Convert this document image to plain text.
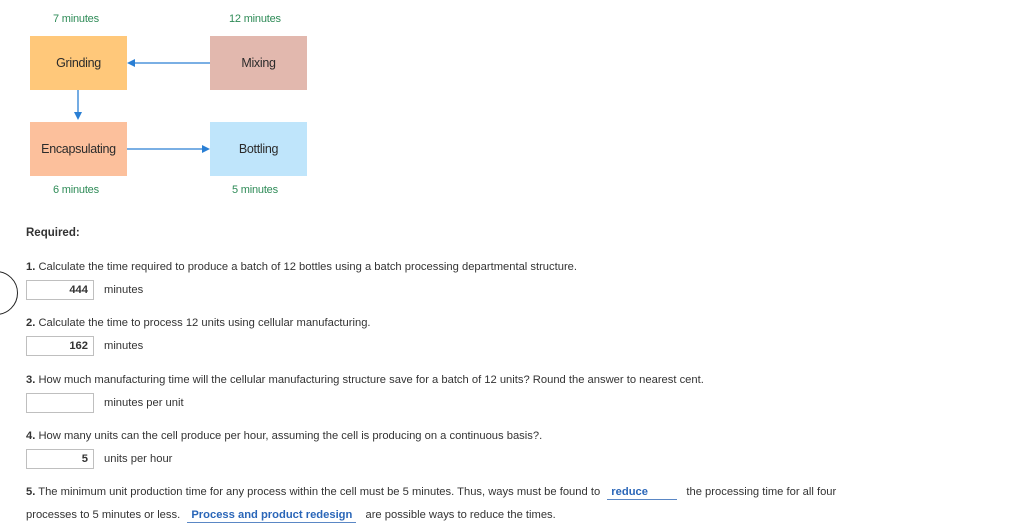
7 minutes	12 minutes
Grinding	Mixing
Encapsulating	Bottling
6 minutes	5 minutes
Required:
1. Calculate the time required to produce a batch of 12 bottles using a batch processing departmental structure.
444	minutes
2. Calculate the time to process 12 units using cellular manufacturing.
162	minutes
3. How much manufacturing time will the cellular manufacturing structure save for a batch of 12 units? Round the answer to nearest cent.
minutes per unit
4. How many units can the cell produce per hour, assuming the cell is producing on a continuous basis?.
5	units per hour
5. The minimum unit production time for any process within the cell must be 5 minutes. Thus, ways must be found to reduce	the processing time for all four
processes to 5 minutes or less. Process and product redesign are possible ways to reduce the times.
